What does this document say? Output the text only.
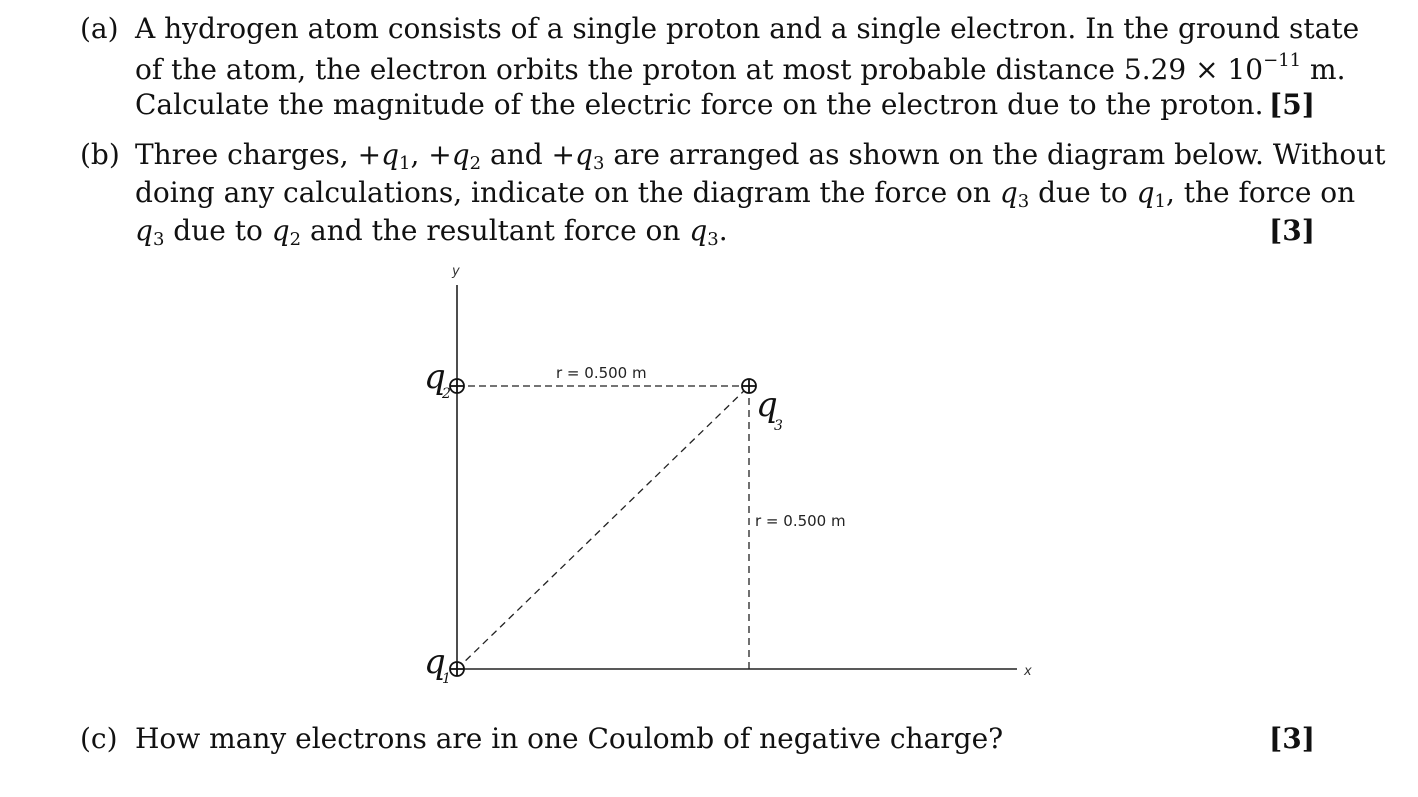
(a) A hydrogen atom consists of a single proton and a single electron. In the ground state
of the atom, the electron orbits the proton at most probable distance $5.29 \times 10^{-11}$ m.
Calculate the magnitude of the electric force on the electron due to the proton. [5]
(b) Three charges, $+q_1$, $+q_2$ and $+q_3$ are arranged as shown on the diagram below. Without
doing any calculations, indicate on the diagram the force on $q_3$ due to $q_1$, the force on
$q_3$ due to $q_2$ and the resultant force on $q_3$.	[3]
y
x
r = 0.500 m
r = 0.500 m
q
2	q
3
q
1
(c) How many electrons are in one Coulomb of negative charge?	[3]
